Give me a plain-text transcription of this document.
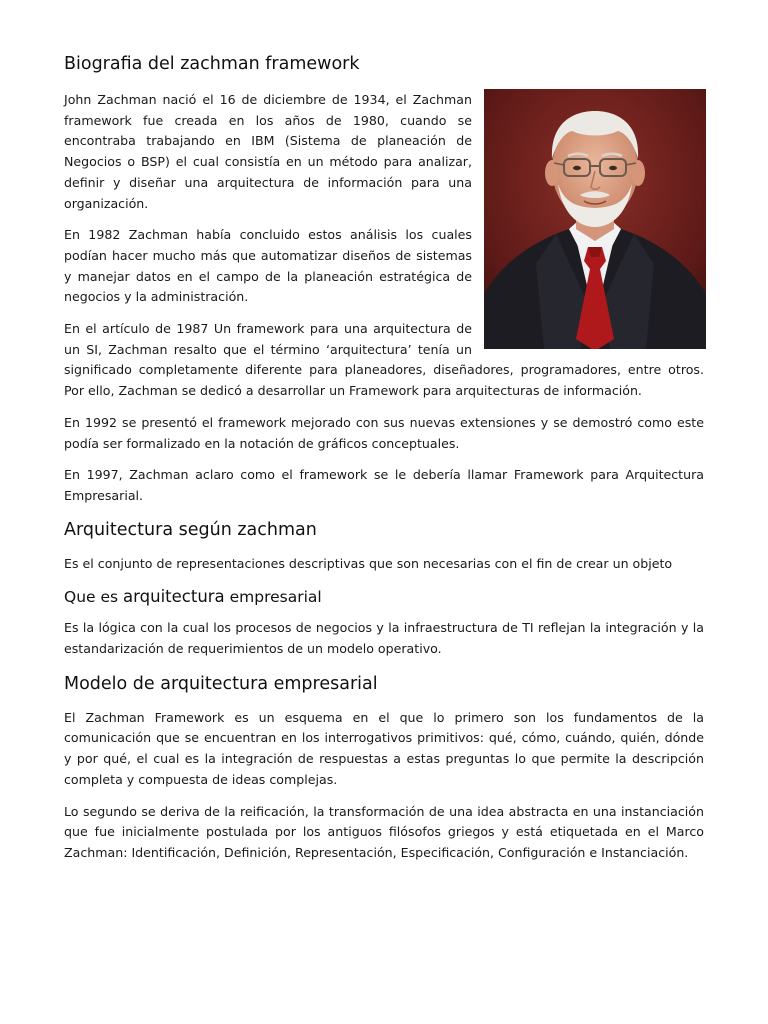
Biografia del zachman framework

John Zachman nació el 16 de diciembre de 1934, el Zachman framework fue creada en los años de 1980, cuando se encontraba trabajando en IBM (Sistema de planeación de Negocios o BSP) el cual consistía en un método para analizar, definir y diseñar una arquitectura de información para una organización.

En 1982 Zachman había concluido estos análisis los cuales podían hacer mucho más que automatizar diseños de sistemas y manejar datos en el campo de la planeación estratégica de negocios y la administración.

En el artículo de 1987 Un framework para una arquitectura de un SI, Zachman resalto que el término ‘arquitectura’ tenía un significado completamente diferente para planeadores, diseñadores, programadores, entre otros. Por ello, Zachman se dedicó a desarrollar un Framework para arquitecturas de información.

En 1992 se presentó el framework mejorado con sus nuevas extensiones y se demostró como este podía ser formalizado en la notación de gráficos conceptuales.

En 1997, Zachman aclaro como el framework se le debería llamar Framework para Arquitectura Empresarial.

Arquitectura según zachman

Es el conjunto de representaciones descriptivas que son necesarias con el fin de crear un objeto

Que es arquitectura empresarial

Es la lógica con la cual los procesos de negocios y la infraestructura de TI reflejan la integración y la estandarización de requerimientos de un modelo operativo.

Modelo de arquitectura empresarial

El Zachman Framework es un esquema en el que lo primero son los fundamentos de la comunicación que se encuentran en los interrogativos primitivos: qué, cómo, cuándo, quién, dónde y por qué, el cual es la integración de respuestas a estas preguntas lo que permite la descripción completa y compuesta de ideas complejas.

Lo segundo se deriva de la reificación, la transformación de una idea abstracta en una instanciación que fue inicialmente postulada por los antiguos filósofos griegos y está etiquetada en el Marco Zachman: Identificación, Definición, Representación, Especificación, Configuración e Instanciación.
